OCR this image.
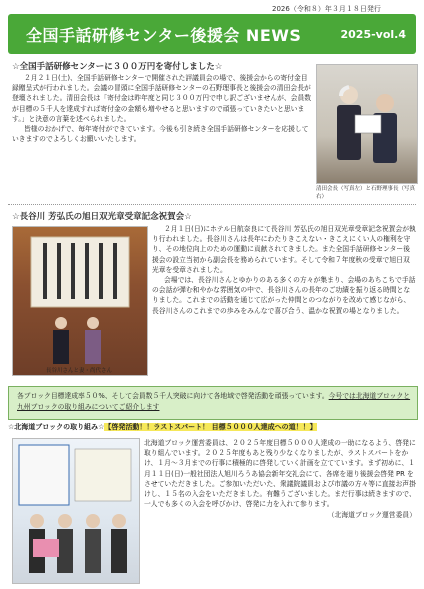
2026（令和８）年３月１８日発行
全国手話研修センター後援会 NEWS	2025-vol.4
☆全国手話研修センターに３００万円を寄付しました☆

２月２１日(土)、全国手話研修センターで開催された評議員会の場で、後援会からの寄付金目録贈呈式が行われました。会議の冒頭に全国手話研修センターの石野理事長と後援会の清田会長が登壇されました。清田会長は「寄付金は昨年度と同じ３００万円で申し訳ございませんが、会員数が目標の５千人を達成すれば寄付金の金額も増やせると思いますので頑張っていきたいと思います。」と決意の言葉を述べられました。

皆様のおかげで、毎年寄付ができています。今後も引き続き全国手話研修センターを応援していきますのでよろしくお願いいたします。

清田会長（写真左）と石野理事長（写真右）
☆長谷川 芳弘氏の旭日双光章受章記念祝賀会☆
長谷川さんと妻・尚代さん

２月１日(日)にホテル日航奈良にて長谷川 芳弘氏の旭日双光章受章記念祝賀会が執り行われました。長谷川さんは長年にわたりきこえない・きこえにくい人の権利を守り、その地位向上のための運動に貢献されてきました。また全国手話研修センター後援会の設立当初から副会長を務められています。そして令和７年度秋の受章で旭日双光章を受章されました。

会場では、長谷川さんとゆかりのある多くの方々が集まり、会場のあちこちで手話の会話が弾む和やかな雰囲気の中で、長谷川さんの長年のご功績を振り返る時間となりました。これまでの活動を通じて広がった仲間とのつながりを改めて感じながら、長谷川さんのこれまでの歩みをみんなで喜び合う、温かな祝賀の場となりました。

各ブロック目標達成率５０%、そして会員数５千人突破に向けて各地域で啓発活動を頑張っています。今号では北海道ブロックと九州ブロックの取り組みについてご紹介します
☆北海道ブロックの取り組み☆【啓発活動！！ラストスパート！ 目標５０００人達成への道！！】

北海道ブロック運営委員は、２０２５年度目標５０００人達成の一助になるよう、啓発に取り組んでいます。２０２５年度もあと残り少なくなりましたが、ラストスパートをかけ、１月～３月までの行事に積極的に啓発していく計画を立てています。まず初めに、１月１１日(日)一般社団法人旭川ろうあ協会新年交礼会にて、各席を廻り後援会啓発 PR をさせていただきました。ご参加いただいた、衆議院議員および市議の方々等に直接お声掛けし、１５名の入会をいただきました。有難うございました。まだ行事は続きますので、一人でも多くの入会を呼びかけ、啓発に力を入れて参ります。

（北海道ブロック運営委員）
